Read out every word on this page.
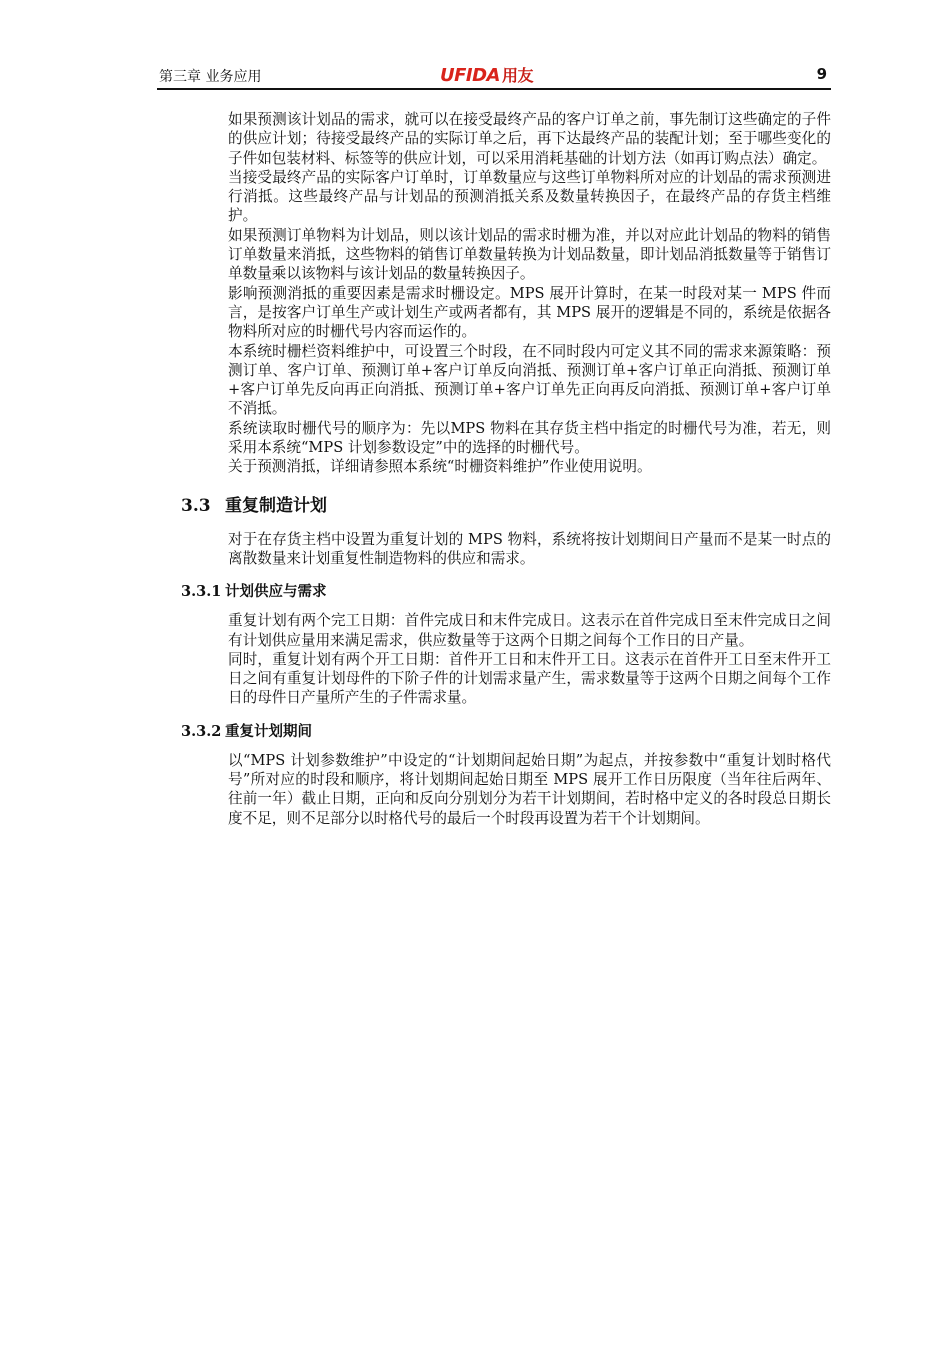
第三章 业务应用	UFIDA 用友	9

如果预测该计划品的需求，就可以在接受最终产品的客户订单之前，事先制订这些确定的子件的供应计划；待接受最终产品的实际订单之后，再下达最终产品的装配计划；至于哪些变化的子件如包装材料、标签等的供应计划，可以采用消耗基础的计划方法（如再订购点法）确定。

当接受最终产品的实际客户订单时，订单数量应与这些订单物料所对应的计划品的需求预测进行消抵。这些最终产品与计划品的预测消抵关系及数量转换因子，在最终产品的存货主档维护。

如果预测订单物料为计划品，则以该计划品的需求时栅为准，并以对应此计划品的物料的销售订单数量来消抵，这些物料的销售订单数量转换为计划品数量，即计划品消抵数量等于销售订单数量乘以该物料与该计划品的数量转换因子。

影响预测消抵的重要因素是需求时栅设定。MPS 展开计算时，在某一时段对某一 MPS 件而言，是按客户订单生产或计划生产或两者都有，其 MPS 展开的逻辑是不同的，系统是依据各物料所对应的时栅代号内容而运作的。

本系统时栅栏资料维护中，可设置三个时段，在不同时段内可定义其不同的需求来源策略：预测订单、客户订单、预测订单+客户订单反向消抵、预测订单+客户订单正向消抵、预测订单+客户订单先反向再正向消抵、预测订单+客户订单先正向再反向消抵、预测订单+客户订单不消抵。

系统读取时栅代号的顺序为：先以MPS 物料在其存货主档中指定的时栅代号为准，若无，则采用本系统“MPS 计划参数设定”中的选择的时栅代号。

关于预测消抵，详细请参照本系统“时栅资料维护”作业使用说明。

3.3 重复制造计划

对于在存货主档中设置为重复计划的 MPS 物料，系统将按计划期间日产量而不是某一时点的离散数量来计划重复性制造物料的供应和需求。

3.3.1 计划供应与需求

重复计划有两个完工日期：首件完成日和末件完成日。这表示在首件完成日至末件完成日之间有计划供应量用来满足需求，供应数量等于这两个日期之间每个工作日的日产量。

同时，重复计划有两个开工日期：首件开工日和末件开工日。这表示在首件开工日至末件开工日之间有重复计划母件的下阶子件的计划需求量产生，需求数量等于这两个日期之间每个工作日的母件日产量所产生的子件需求量。

3.3.2 重复计划期间

以“MPS 计划参数维护”中设定的“计划期间起始日期”为起点，并按参数中“重复计划时格代号”所对应的时段和顺序，将计划期间起始日期至 MPS 展开工作日历限度（当年往后两年、往前一年）截止日期，正向和反向分别划分为若干计划期间，若时格中定义的各时段总日期长度不足，则不足部分以时格代号的最后一个时段再设置为若干个计划期间。
